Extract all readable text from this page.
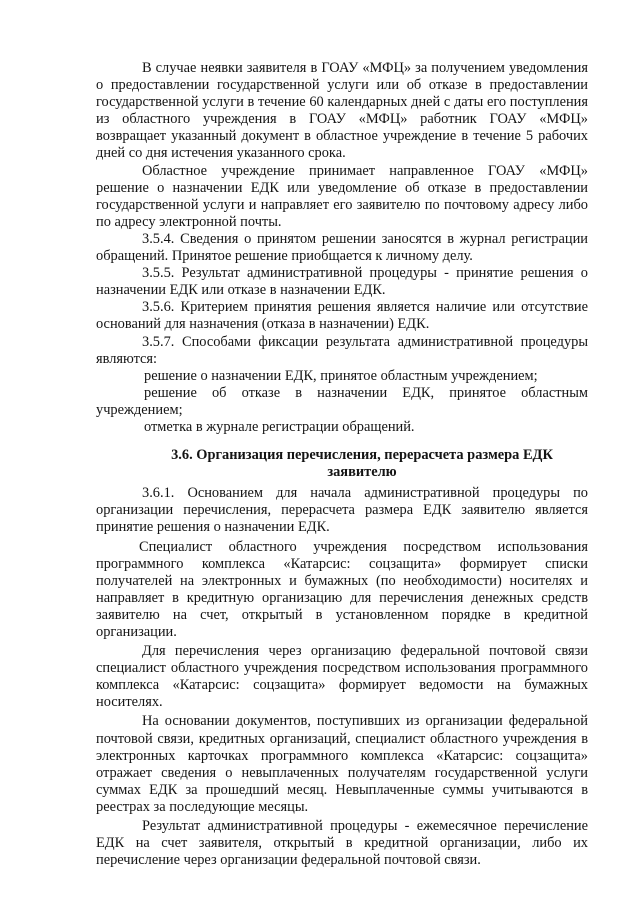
В случае неявки заявителя в ГОАУ «МФЦ» за получением уведомления о предоставлении государственной услуги или об отказе в предоставлении государственной услуги в течение 60 календарных дней с даты его поступления из областного учреждения в ГОАУ «МФЦ» работник ГОАУ «МФЦ» возвращает указанный документ в областное учреждение в течение 5 рабочих дней со дня истечения указанного срока.

Областное учреждение принимает направленное ГОАУ «МФЦ» решение о назначении ЕДК или уведомление об отказе в предоставлении государственной услуги и направляет его заявителю по почтовому адресу либо по адресу электронной почты.

3.5.4. Сведения о принятом решении заносятся в журнал регистрации обращений. Принятое решение приобщается к личному делу.

3.5.5. Результат административной процедуры - принятие решения о назначении ЕДК или отказе в назначении ЕДК.

3.5.6. Критерием принятия решения является наличие или отсутствие оснований для назначения (отказа в назначении) ЕДК.

3.5.7. Способами фиксации результата административной процедуры являются:

решение о назначении ЕДК, принятое областным учреждением;

решение об отказе в назначении ЕДК, принятое областным учреждением;

отметка в журнале регистрации обращений.

3.6. Организация перечисления, перерасчета размера ЕДК заявителю

3.6.1. Основанием для начала административной процедуры по организации перечисления, перерасчета размера ЕДК заявителю является принятие решения о назначении ЕДК.

Специалист областного учреждения посредством использования программного комплекса «Катарсис: соцзащита» формирует списки получателей на электронных и бумажных (по необходимости) носителях и направляет в кредитную организацию для перечисления денежных средств заявителю на счет, открытый в установленном порядке в кредитной организации.

Для перечисления через организацию федеральной почтовой связи специалист областного учреждения посредством использования программного комплекса «Катарсис: соцзащита» формирует ведомости на бумажных носителях.

На основании документов, поступивших из организации федеральной почтовой связи, кредитных организаций, специалист областного учреждения в электронных карточках программного комплекса «Катарсис: соцзащита» отражает сведения о невыплаченных получателям государственной услуги суммах ЕДК за прошедший месяц. Невыплаченные суммы учитываются в реестрах за последующие месяцы.

Результат административной процедуры - ежемесячное перечисление ЕДК на счет заявителя, открытый в кредитной организации, либо их перечисление через организации федеральной почтовой связи.
